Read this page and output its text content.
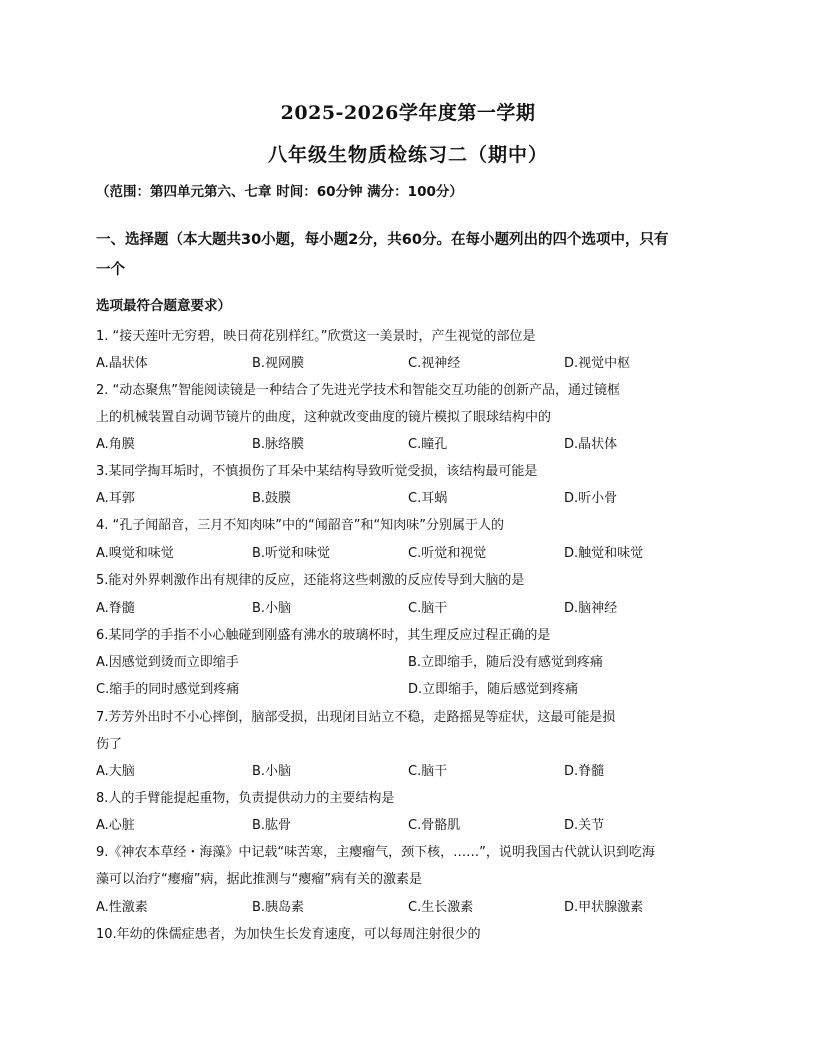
2025-2026学年度第一学期
八年级生物质检练习二（期中）
（范围：第四单元第六、七章 时间：60分钟 满分：100分）
一、选择题（本大题共30小题，每小题2分，共60分。在每小题列出的四个选项中，只有
一个
选项最符合题意要求）
1. “接天莲叶无穷碧，映日荷花别样红。”欣赏这一美景时，产生视觉的部位是
A.晶状体	B.视网膜	C.视神经	D.视觉中枢
2. “动态聚焦”智能阅读镜是一种结合了先进光学技术和智能交互功能的创新产品，通过镜框
上的机械装置自动调节镜片的曲度，这种就改变曲度的镜片模拟了眼球结构中的
A.角膜	B.脉络膜	C.瞳孔	D.晶状体
3.某同学掏耳垢时，不慎损伤了耳朵中某结构导致听觉受损，该结构最可能是
A.耳郭	B.鼓膜	C.耳蜗	D.听小骨
4. “孔子闻韶音，三月不知肉味”中的“闻韶音”和“知肉味”分别属于人的
A.嗅觉和味觉	B.听觉和味觉	C.听觉和视觉	D.触觉和味觉
5.能对外界刺激作出有规律的反应，还能将这些刺激的反应传导到大脑的是
A.脊髓	B.小脑	C.脑干	D.脑神经
6.某同学的手指不小心触碰到刚盛有沸水的玻璃杯时，其生理反应过程正确的是
A.因感觉到烫而立即缩手	B.立即缩手，随后没有感觉到疼痛
C.缩手的同时感觉到疼痛	D.立即缩手，随后感觉到疼痛
7.芳芳外出时不小心摔倒，脑部受损，出现闭目站立不稳，走路摇晃等症状，这最可能是损
伤了
A.大脑	B.小脑	C.脑干	D.脊髓
8.人的手臂能提起重物，负责提供动力的主要结构是
A.心脏	B.肱骨	C.骨骼肌	D.关节
9.《神农本草经・海藻》中记载“味苦寒，主瘿瘤气，颈下核，……”，说明我国古代就认识到吃海
藻可以治疗“瘿瘤”病，据此推测与“瘿瘤”病有关的激素是
A.性激素	B.胰岛素	C.生长激素	D.甲状腺激素
10.年幼的侏儒症患者，为加快生长发育速度，可以每周注射很少的
